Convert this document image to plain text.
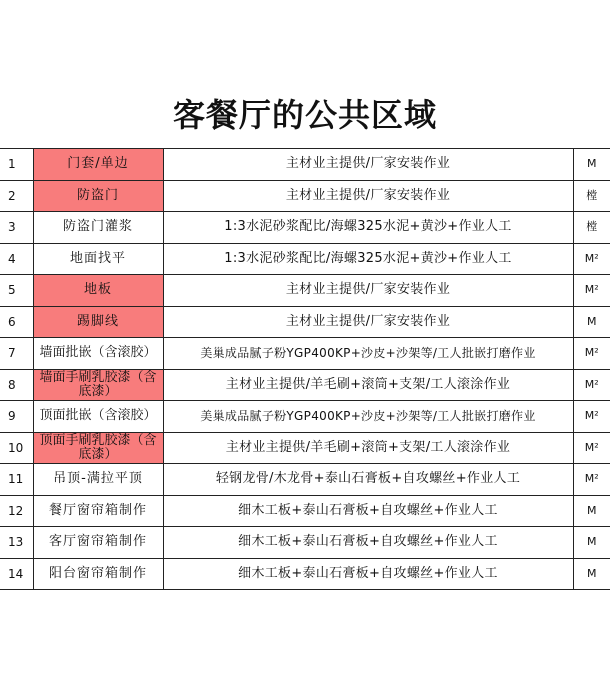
客餐厅的公共区域
1	门套/单边	主材业主提供/厂家安装作业	M
2	防盗门	主材业主提供/厂家安装作业	樘
3	防盗门灌浆	1:3水泥砂浆配比/海螺325水泥+黄沙+作业人工	樘
4	地面找平	1:3水泥砂浆配比/海螺325水泥+黄沙+作业人工	M²
5	地板	主材业主提供/厂家安装作业	M²
6	踢脚线	主材业主提供/厂家安装作业	M
7	墙面批嵌（含滚胶）	美巢成品腻子粉YGP400KP+沙皮+沙架等/工人批嵌打磨作业	M²
8	墙面手刷乳胶漆（含底漆）	主材业主提供/羊毛刷+滚筒+支架/工人滚涂作业	M²
9	顶面批嵌（含滚胶）	美巢成品腻子粉YGP400KP+沙皮+沙架等/工人批嵌打磨作业	M²
10	顶面手刷乳胶漆（含底漆）	主材业主提供/羊毛刷+滚筒+支架/工人滚涂作业	M²
11	吊顶-满拉平顶	轻钢龙骨/木龙骨+泰山石膏板+自攻螺丝+作业人工	M²
12	餐厅窗帘箱制作	细木工板+泰山石膏板+自攻螺丝+作业人工	M
13	客厅窗帘箱制作	细木工板+泰山石膏板+自攻螺丝+作业人工	M
14	阳台窗帘箱制作	细木工板+泰山石膏板+自攻螺丝+作业人工	M
